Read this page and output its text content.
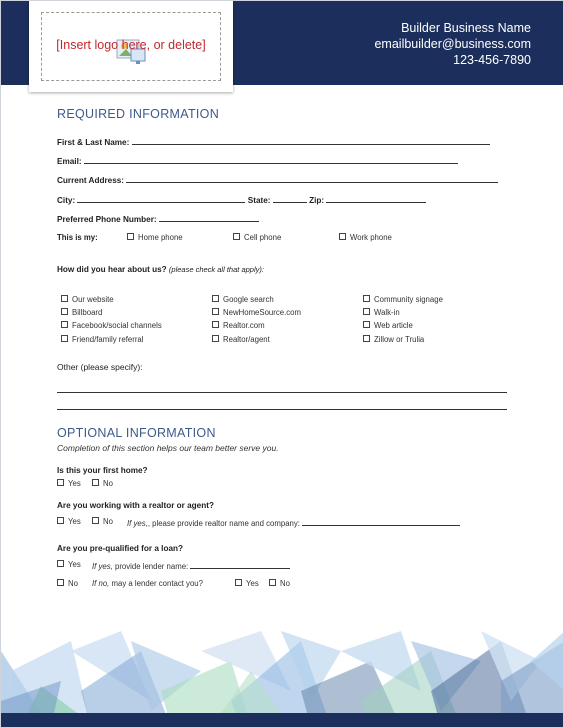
[Insert logo here, or delete]
Builder Business Name
emailbuilder@business.com
123-456-7890
REQUIRED INFORMATION
First & Last Name:
Email:
Current Address:
City:	State:	Zip:
Preferred Phone Number:
This is my:	Home phone	Cell phone	Work phone
How did you hear about us? (please check all that apply):
Our website	Google search	Community signage
Billboard	NewHomeSource.com	Walk-in
Facebook/social channels	Realtor.com	Web article
Friend/family referral	Realtor/agent	Zillow or Trulia
Other (please specify):
OPTIONAL INFORMATION
Completion of this section helps our team better serve you.
Is this your first home?
Yes	No
Are you working with a realtor or agent?
Yes	No If yes,, please provide realtor name and company:
Are you pre-qualified for a loan?
Yes If yes, provide lender name:
No If no, may a lender contact you?	Yes	No
